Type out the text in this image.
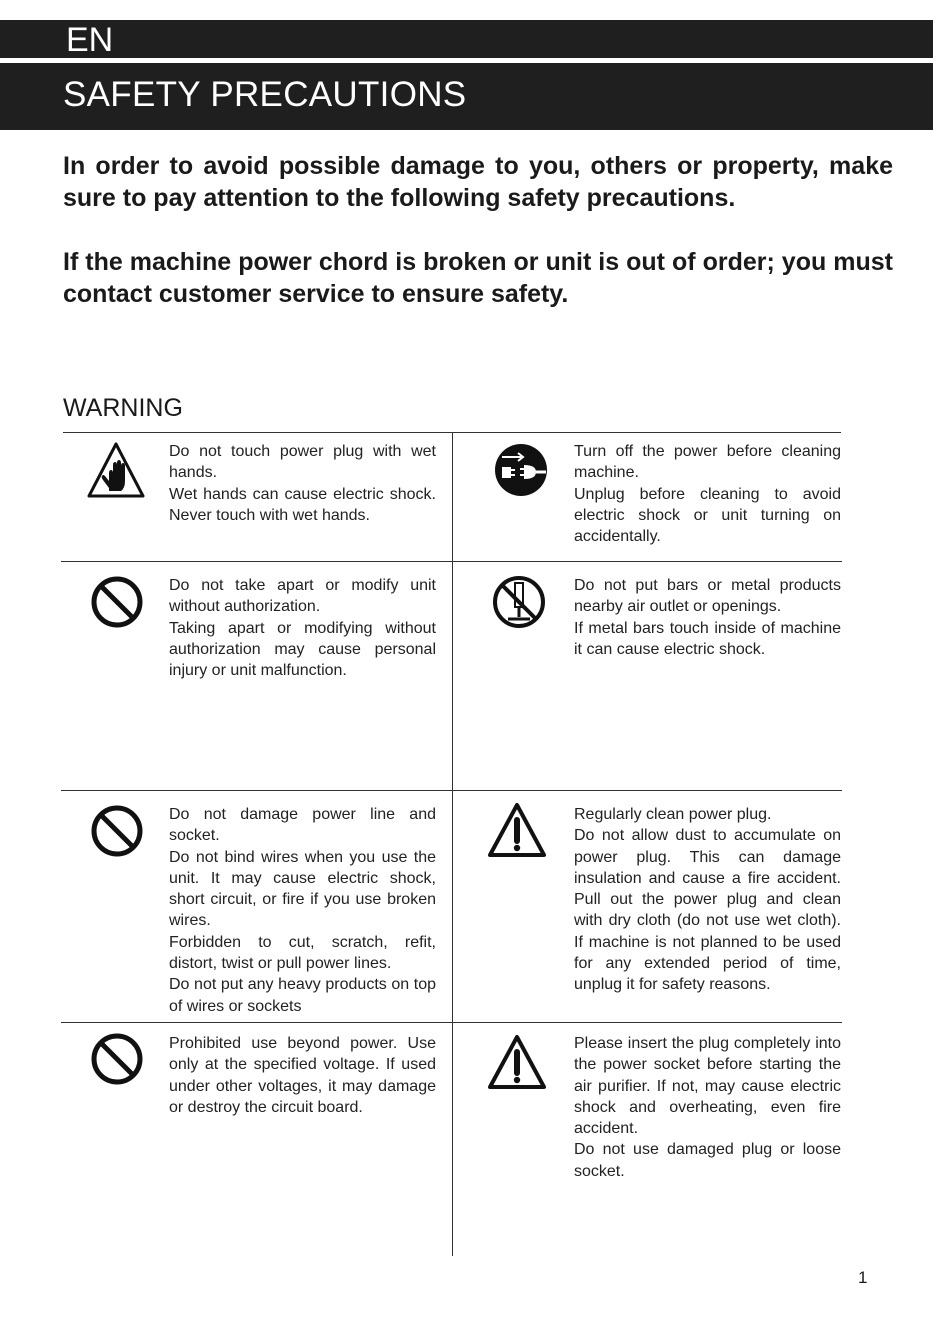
EN
SAFETY PRECAUTIONS
In order to avoid possible damage to you, others or property, make sure to pay attention to the following safety precautions.
If the machine power chord is broken or unit is out of order; you must contact customer service to ensure safety.
WARNING
Do not touch power plug with wet hands.
Wet hands can cause electric shock. Never touch with wet hands.
Turn off the power before cleaning machine.
Unplug before cleaning to avoid electric shock or unit turning on accidentally.
Do not take apart or modify unit without authorization.
Taking apart or modifying without authorization may cause personal injury or unit malfunction.
Do not put bars or metal products nearby air outlet or openings.
If metal bars touch inside of machine it can cause electric shock.
Do not damage power line and socket.
Do not bind wires when you use the unit. It may cause electric shock, short circuit, or fire if you use broken wires.
Forbidden to cut, scratch, refit, distort, twist or pull power lines.
Do not put any heavy products on top of wires or sockets
Regularly clean power plug.
Do not allow dust to accumulate on power plug. This can damage insulation and cause a fire accident. Pull out the power plug and clean with dry cloth (do not use wet cloth). If machine is not planned to be used for any extended period of time, unplug it for safety reasons.
Prohibited use beyond power. Use only at the specified voltage. If used under other voltages, it may damage or destroy the circuit board.
Please insert the plug completely into the power socket before starting the air purifier. If not, may cause electric shock and overheating, even fire accident.
Do not use damaged plug or loose socket.
1
